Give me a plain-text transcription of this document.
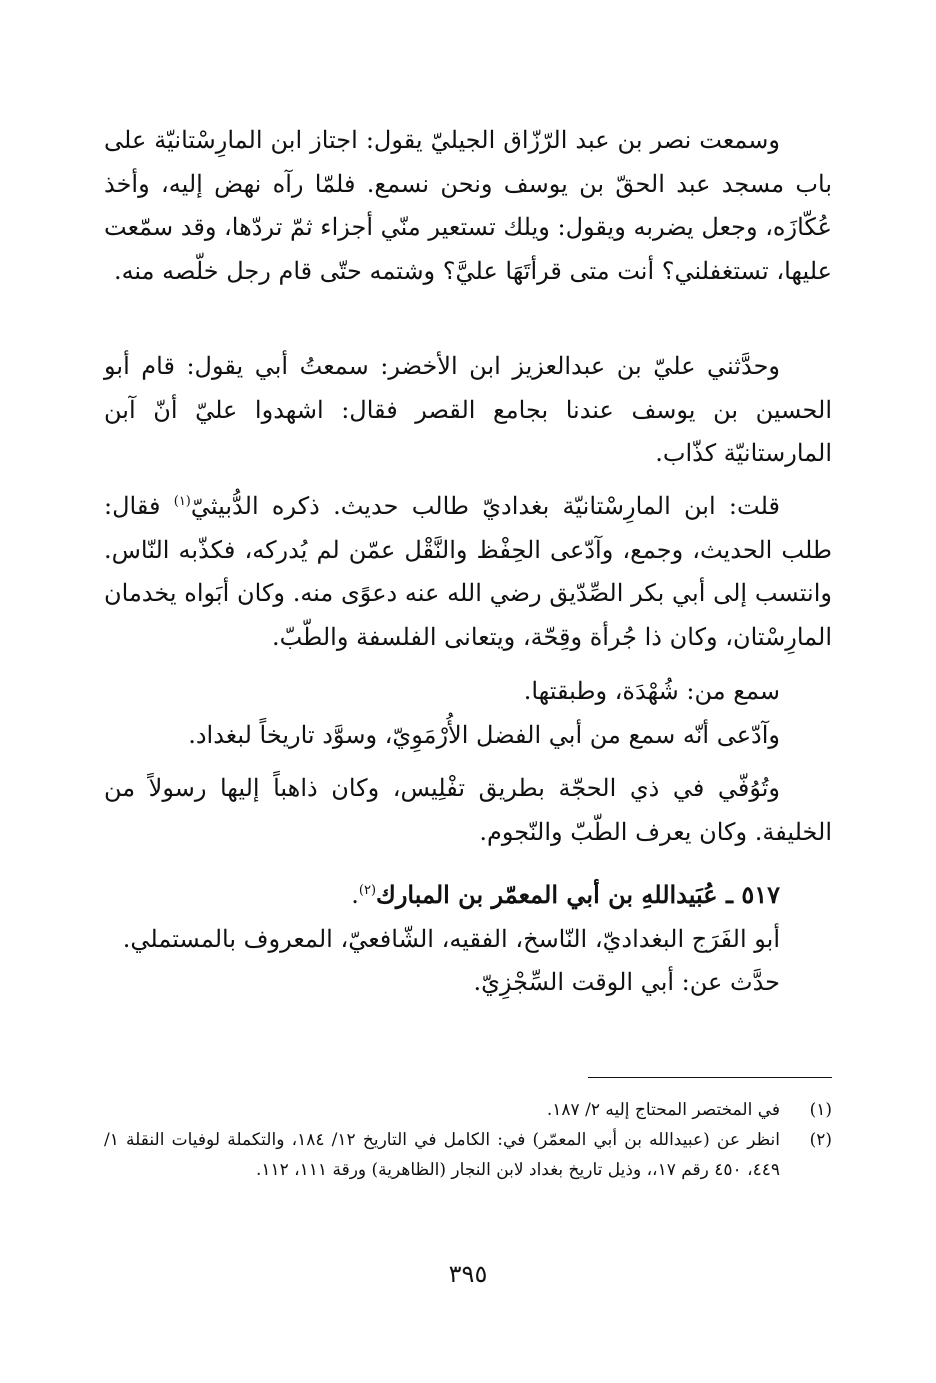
وسمعت نصر بن عبد الرّزّاق الجيليّ يقول: اجتاز ابن المارِسْتانيّة على باب مسجد عبد الحقّ بن يوسف ونحن نسمع. فلمّا رآه نهض إليه، وأخذ عُكّازَه، وجعل يضربه ويقول: ويلك تستعير منّي أجزاء ثمّ تردّها، وقد سمّعت عليها، تستغفلني؟ أنت متى قرأتَهَا عليَّ؟ وشتمه حتّى قام رجل خلّصه منه.

وحدَّثني عليّ بن عبدالعزيز ابن الأخضر: سمعتُ أبي يقول: قام أبو الحسين بن يوسف عندنا بجامع القصر فقال: اشهدوا عليّ أنّ آبن المارستانيّة كذّاب.

قلت: ابن المارِسْتانيّة بغداديّ طالب حديث. ذكره الدُّبيثيّ$^{(١)}$ فقال: طلب الحديث، وجمع، وآدّعى الحِفْظ والنَّقْل عمّن لم يُدركه، فكذّبه النّاس. وانتسب إلى أبي بكر الصِّدّيق رضي الله عنه دعوًى منه. وكان أبَواه يخدمان المارِسْتان، وكان ذا جُرأة وقِحّة، ويتعانى الفلسفة والطّبّ.

سمع من: شُهْدَة، وطبقتها.
وآدّعى أنّه سمع من أبي الفضل الأُرْمَوِيّ، وسوَّد تاريخاً لبغداد.

وتُوُفّي في ذي الحجّة بطريق تفْلِيس، وكان ذاهباً إليها رسولاً من الخليفة. وكان يعرف الطّبّ والنّجوم.

٥١٧ ـ عُبَيداللهِ بن أبي المعمّر بن المبارك$^{(٢)}$.
أبو الفَرَج البغداديّ، النّاسخ، الفقيه، الشّافعيّ، المعروف بالمستملي.
حدَّث عن: أبي الوقت السِّجْزِيّ.
(١)
في المختصر المحتاج إليه ٢/ ١٨٧.
(٢)
انظر عن (عبيدالله بن أبي المعمّر) في: الكامل في التاريخ ١٢/ ١٨٤، والتكملة لوفيات النقلة ١/ ٤٤٩، ٤٥٠ رقم ١٧،، وذيل تاريخ بغداد لابن النجار (الظاهرية) ورقة ١١١، ١١٢.
٣٩٥
